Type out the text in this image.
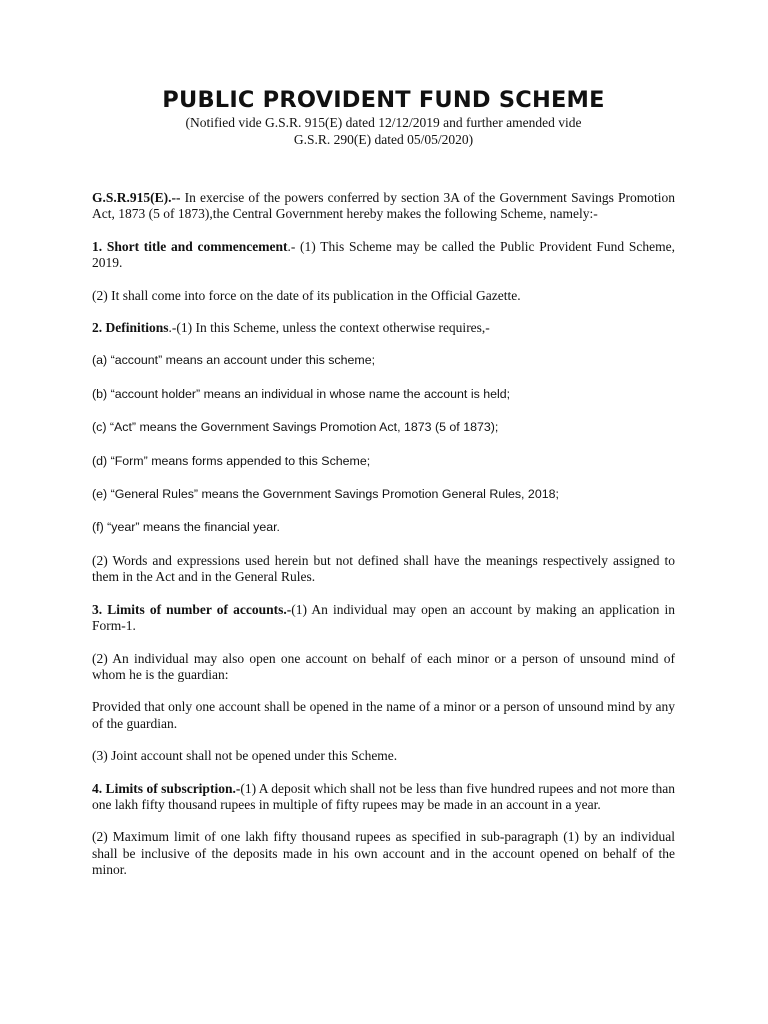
PUBLIC PROVIDENT FUND SCHEME
(Notified vide G.S.R. 915(E) dated 12/12/2019 and further amended vide
G.S.R. 290(E) dated 05/05/2020)

G.S.R.915(E).-- In exercise of the powers conferred by section 3A of the Government Savings Promotion Act, 1873 (5 of 1873),the Central Government hereby makes the following Scheme, namely:-

1. Short title and commencement.- (1) This Scheme may be called the Public Provident Fund Scheme, 2019.

(2) It shall come into force on the date of its publication in the Official Gazette.

2. Definitions.-(1) In this Scheme, unless the context otherwise requires,-

(a) “account” means an account under this scheme;

(b) “account holder” means an individual in whose name the account is held;

(c) “Act” means the Government Savings Promotion Act, 1873 (5 of 1873);

(d) “Form” means forms appended to this Scheme;

(e) “General Rules” means the Government Savings Promotion General Rules, 2018;

(f) “year” means the financial year.

(2) Words and expressions used herein but not defined shall have the meanings respectively assigned to them in the Act and in the General Rules.

3. Limits of number of accounts.-(1) An individual may open an account by making an application in Form-1.

(2) An individual may also open one account on behalf of each minor or a person of unsound mind of whom he is the guardian:

Provided that only one account shall be opened in the name of a minor or a person of unsound mind by any of the guardian.

(3) Joint account shall not be opened under this Scheme.

4. Limits of subscription.-(1) A deposit which shall not be less than five hundred rupees and not more than one lakh fifty thousand rupees in multiple of fifty rupees may be made in an account in a year.

(2) Maximum limit of one lakh fifty thousand rupees as specified in sub-paragraph (1) by an individual shall be inclusive of the deposits made in his own account and in the account opened on behalf of the minor.
